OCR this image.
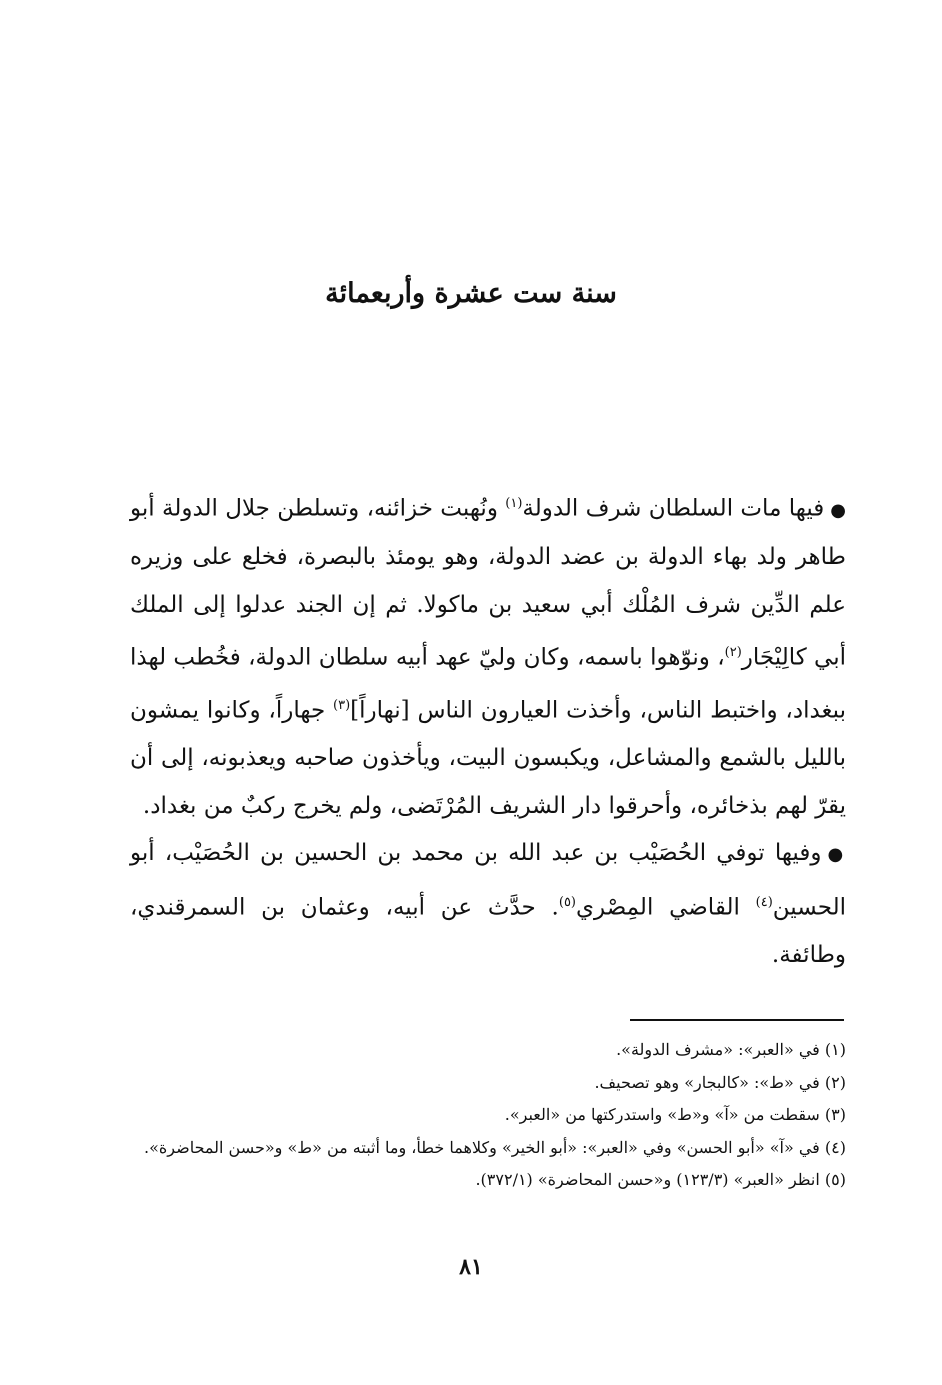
سنة ست عشرة وأربعمائة

●فيها مات السلطان شرف الدولة$^{(١)}$ ونُهبت خزائنه، وتسلطن جلال الدولة أبو طاهر ولد بهاء الدولة بن عضد الدولة، وهو يومئذ بالبصرة، فخلع على وزيره علم الدِّين شرف المُلْك أبي سعيد بن ماكولا. ثم إن الجند عدلوا إلى الملك أبي كالِيْجَار$^{(٢)}$، ونوّهوا باسمه، وكان وليّ عهد أبيه سلطان الدولة، فخُطب لهذا ببغداد، واختبط الناس، وأخذت العيارون الناس [نهاراً]$^{(٣)}$ جهاراً، وكانوا يمشون بالليل بالشمع والمشاعل، ويكبسون البيت، ويأخذون صاحبه ويعذبونه، إلى أن يقرّ لهم بذخائره، وأحرقوا دار الشريف المُرْتَضى، ولم يخرج ركبٌ من بغداد.

●وفيها توفي الحُصَيْب بن عبد الله بن محمد بن الحسين بن الحُصَيْب، أبو الحسين$^{(٤)}$ القاضي المِصْري$^{(٥)}$. حدَّث عن أبيه، وعثمان بن السمرقندي، وطائفة.

(١) في «العبر»: «مشرف الدولة».

(٢) في «ط»: «كالبجار» وهو تصحيف.

(٣) سقطت من «آ» و«ط» واستدركتها من «العبر».

(٤) في «آ» «أبو الحسن» وفي «العبر»: «أبو الخير» وكلاهما خطأ، وما أثبته من «ط» و«حسن المحاضرة».

(٥) انظر «العبر» (١٢٣/٣) و«حسن المحاضرة» (٣٧٢/١).

٨١
